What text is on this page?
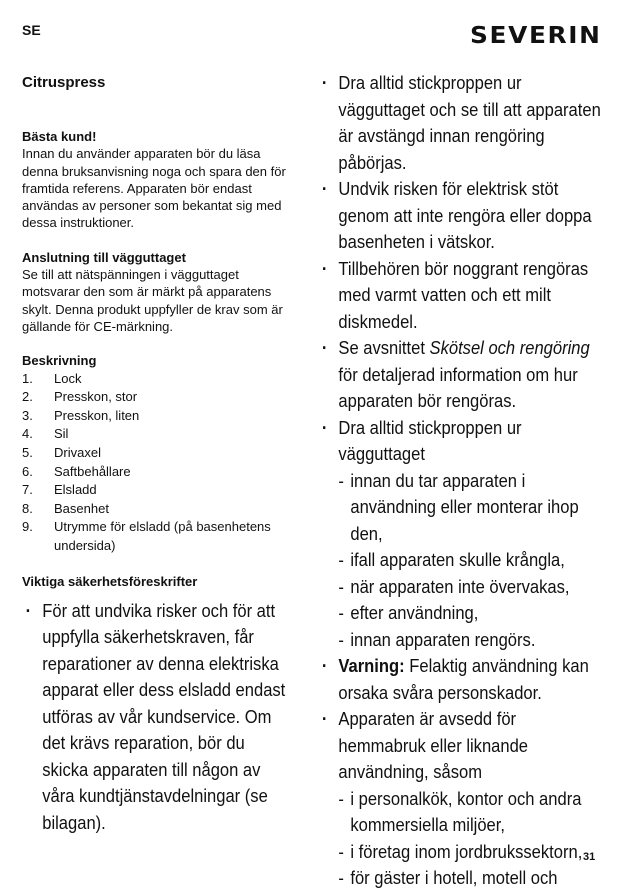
SE	SEVERIN
Citruspress
Bästa kund!

Innan du använder apparaten bör du läsa denna bruksanvisning noga och spara den för framtida referens. Apparaten bör endast användas av personer som bekantat sig med dessa instruktioner.

Anslutning till vägguttaget

Se till att nätspänningen i vägguttaget motsvarar den som är märkt på apparatens skylt. Denna produkt uppfyller de krav som är gällande för CE-märkning.

Beskrivning
1.	Lock
2.	Presskon, stor
3.	Presskon, liten
4.	Sil
5.	Drivaxel
6.	Saftbehållare
7.	Elsladd
8.	Basenhet
9.	Utrymme för elsladd (på basenhetens undersida)
Viktiga säkerhetsföreskrifter
· För att undvika risker och för att uppfylla säkerhetskraven, får reparationer av denna elektriska apparat eller dess elsladd endast utföras av vår kundservice. Om det krävs reparation, bör du skicka apparaten till någon av våra kundtjänstavdelningar (se bilagan).
· Dra alltid stickproppen ur vägguttaget och se till att apparaten är avstängd innan rengöring påbörjas.
· Undvik risken för elektrisk stöt genom att inte rengöra eller doppa basenheten i vätskor.
· Tillbehören bör noggrant rengöras med varmt vatten och ett milt diskmedel.
· Se avsnittet Skötsel och rengöring för detaljerad information om hur apparaten bör rengöras.
· Dra alltid stickproppen ur vägguttaget
- innan du tar apparaten i användning eller monterar ihop den,
- ifall apparaten skulle krångla,
- när apparaten inte övervakas,
- efter användning,
- innan apparaten rengörs.
· Varning: Felaktig användning kan orsaka svåra personskador.
· Apparaten är avsedd för hemmabruk eller liknande användning, såsom
- i personalkök, kontor och andra kommersiella miljöer,
- i företag inom jordbrukssektorn,
- för gäster i hotell, motell och
31
